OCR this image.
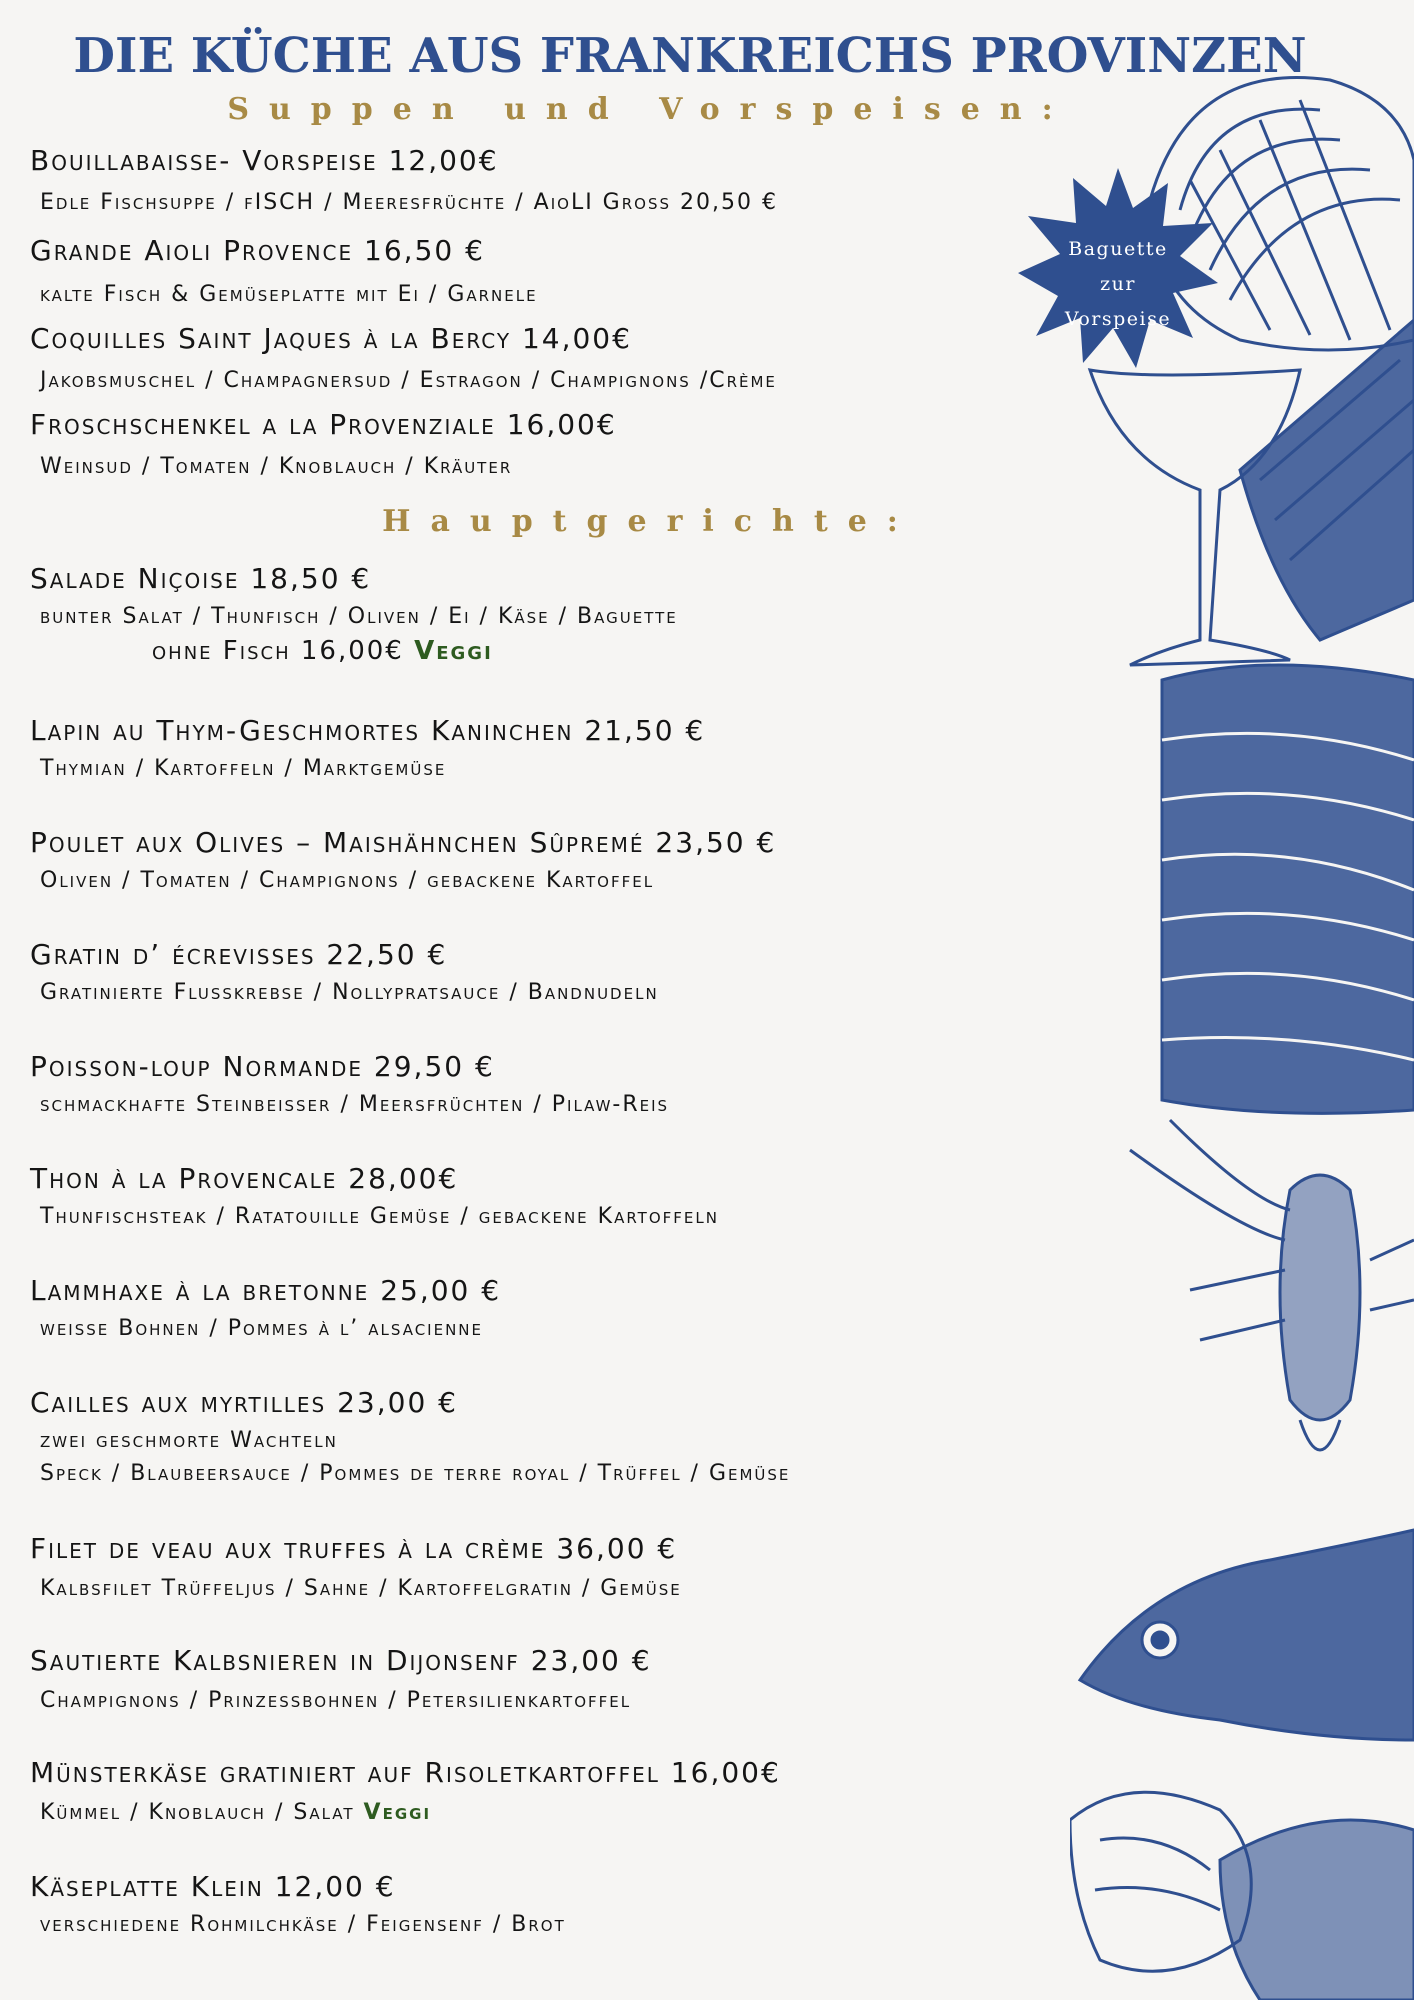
DIE KÜCHE AUS FRANKREICHS PROVINZEN
Suppen und Vorspeisen:
Bouillabaisse- Vorspeise 12,00€
Edle Fischsuppe / fISCH / Meeresfrüchte / AioLI Gross 20,50 €
Grande Aioli Provence 16,50 €
kalte Fisch & Gemüseplatte mit Ei / Garnele
Coquilles Saint Jaques à la Bercy 14,00€
Jakobsmuschel / Champagnersud / Estragon / Champignons /Crème
Froschschenkel a la Provenziale 16,00€
Weinsud / Tomaten / Knoblauch / Kräuter
Baguette
zur
Vorspeise
Hauptgerichte:
Salade Niçoise 18,50 €
bunter Salat / Thunfisch / Oliven / Ei / Käse / Baguette
ohne Fisch 16,00€ Veggi
Lapin au Thym-Geschmortes Kaninchen 21,50 €
Thymian / Kartoffeln / Marktgemüse
Poulet aux Olives – Maishähnchen Sûpremé 23,50 €
Oliven / Tomaten / Champignons / gebackene Kartoffel
Gratin d’ écrevisses 22,50 €
Gratinierte Flusskrebse / Nollypratsauce / Bandnudeln
Poisson-loup Normande 29,50 €
schmackhafte Steinbeisser / Meersfrüchten / Pilaw-Reis
Thon à la Provencale 28,00€
Thunfischsteak / Ratatouille Gemüse / gebackene Kartoffeln
Lammhaxe à la bretonne 25,00 €
weisse Bohnen / Pommes à l’ alsacienne
Cailles aux myrtilles 23,00 €
zwei geschmorte Wachteln
Speck / Blaubeersauce / Pommes de terre royal / Trüffel / Gemüse
Filet de veau aux truffes à la crème 36,00 €
Kalbsfilet Trüffeljus / Sahne / Kartoffelgratin / Gemüse
Sautierte Kalbsnieren in Dijonsenf 23,00 €
Champignons / Prinzessbohnen / Petersilienkartoffel
Münsterkäse gratiniert auf Risoletkartoffel 16,00€
Kümmel / Knoblauch / Salat Veggi
Käseplatte Klein 12,00 €
verschiedene Rohmilchkäse / Feigensenf / Brot
